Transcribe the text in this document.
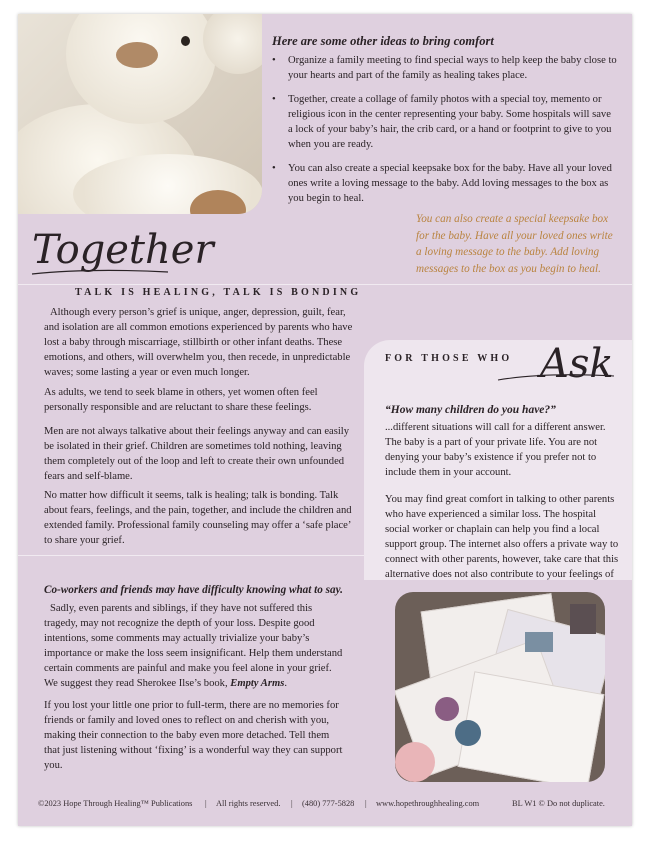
Here are some other ideas to bring comfort
• Organize a family meeting to find special ways to help keep the baby close to your hearts and part of the family as healing takes place.
• Together, create a collage of family photos with a special toy, memento or religious icon in the center representing your baby. Some hospitals will save a lock of your baby’s hair, the crib card, or a hand or footprint to give to you when you are ready.
• You can also create a special keepsake box for the baby. Have all your loved ones write a loving message to the baby. Add loving messages to the box as you begin to heal.
You can also create a special keepsake box for the baby. Have all your loved ones write a loving message to the baby. Add loving messages to the box as you begin to heal.
Together
TALK IS HEALING, TALK IS BONDING

Although every person’s grief is unique, anger, depression, guilt, fear, and isolation are all common emotions experienced by parents who have lost a baby through miscarriage, stillbirth or other infant deaths. These emotions, and others, will overwhelm you, then recede, in unpredictable waves; some lasting a year or even much longer.

As adults, we tend to seek blame in others, yet women often feel personally responsible and are reluctant to share these feelings.

Men are not always talkative about their feelings anyway and can easily be isolated in their grief. Children are sometimes told nothing, leaving them completely out of the loop and left to create their own unfounded fears and self-blame.

No matter how difficult it seems, talk is healing; talk is bonding. Talk about fears, feelings, and the pain, together, and include the children and extended family. Professional family counseling may offer a ‘safe place’ to share your grief.

FOR THOSE WHO Ask
“How many children do you have?”

...different situations will call for a different answer. The baby is a part of your private life. You are not denying your baby’s existence if you prefer not to include them in your account.

You may find great comfort in talking to other parents who have experienced a similar loss. The hospital social worker or chaplain can help you find a local support group. The internet also offers a private way to connect with other parents, however, take care that this alternative does not also contribute to your feelings of

Co-workers and friends may have difficulty knowing what to say.

Sadly, even parents and siblings, if they have not suffered this tragedy, may not recognize the depth of your loss. Despite good intentions, some comments may actually trivialize your baby’s importance or make the loss seem insignificant. Help them understand certain comments are painful and make you feel alone in your grief. We suggest they read Sherokee Ilse’s book, Empty Arms.

If you lost your little one prior to full-term, there are no memories for friends or family and loved ones to reflect on and cherish with you, making their connection to the baby even more detached. Tell them that just listening without ‘fixing’ is a wonderful way they can support you.

©2023 Hope Through Healing™ Publications | All rights reserved. | (480) 777-5828 | www.hopethroughhealing.com	BL W1 © Do not duplicate.
